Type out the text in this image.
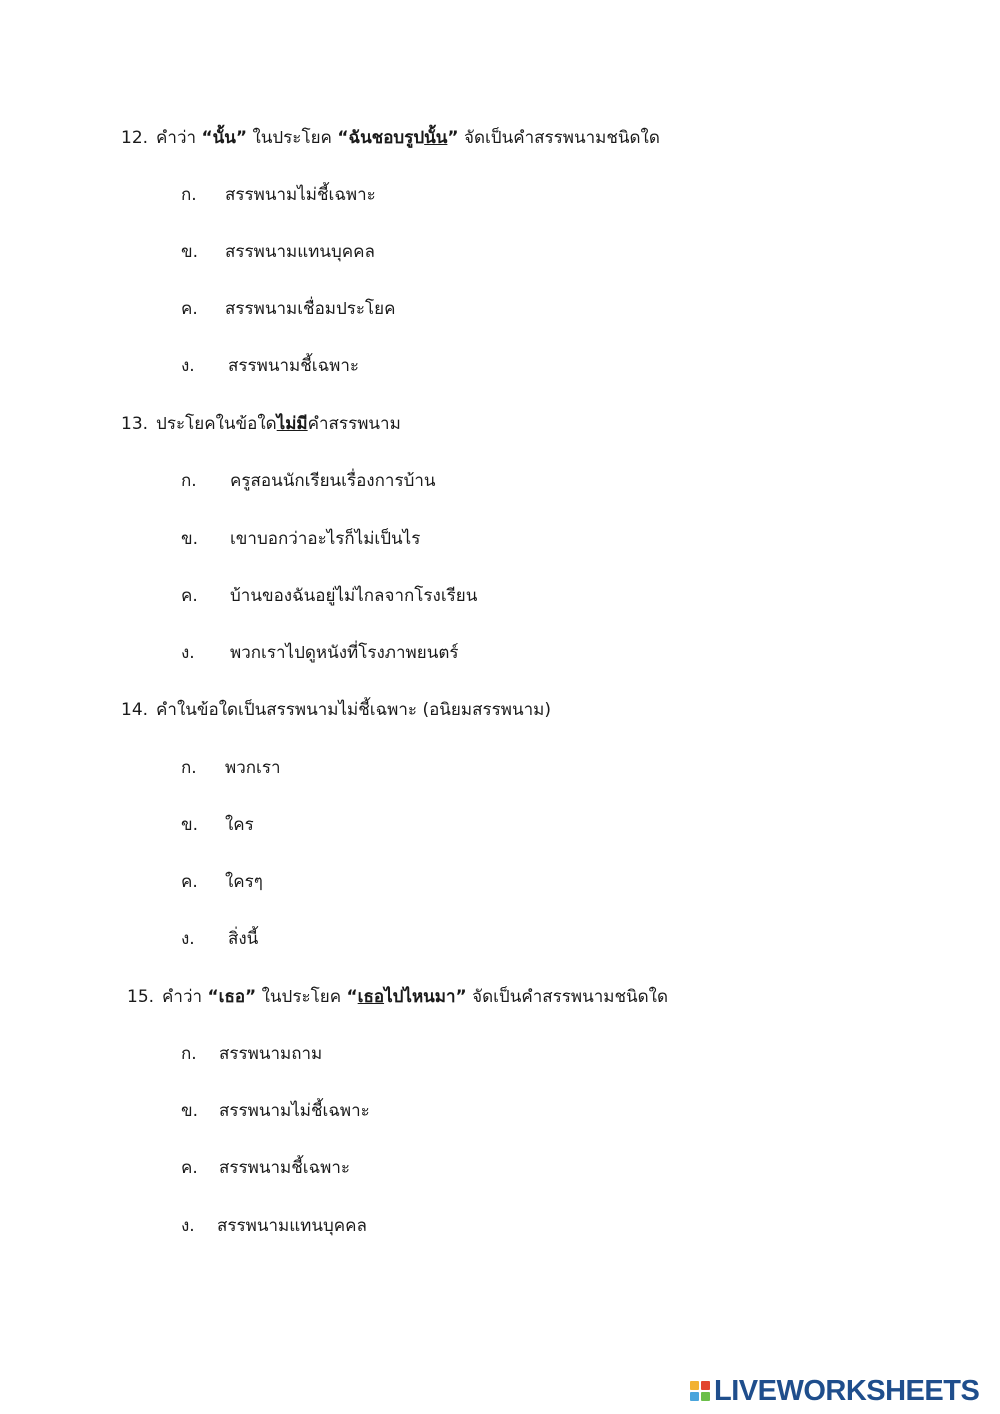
12. คำว่า “นั้น” ในประโยค “ฉันชอบรูปนั้น” จัดเป็นคำสรรพนามชนิดใด
ก. สรรพนามไม่ชี้เฉพาะ
ข. สรรพนามแทนบุคคล
ค. สรรพนามเชื่อมประโยค
ง. สรรพนามชี้เฉพาะ
13. ประโยคในข้อใดไม่มีคำสรรพนาม
ก. ครูสอนนักเรียนเรื่องการบ้าน
ข. เขาบอกว่าอะไรก็ไม่เป็นไร
ค. บ้านของฉันอยู่ไม่ไกลจากโรงเรียน
ง. พวกเราไปดูหนังที่โรงภาพยนตร์
14. คำในข้อใดเป็นสรรพนามไม่ชี้เฉพาะ (อนิยมสรรพนาม)
ก. พวกเรา
ข. ใคร
ค. ใครๆ
ง. สิ่งนี้
15. คำว่า “เธอ” ในประโยค “เธอไปไหนมา” จัดเป็นคำสรรพนามชนิดใด
ก. สรรพนามถาม
ข. สรรพนามไม่ชี้เฉพาะ
ค. สรรพนามชี้เฉพาะ
ง. สรรพนามแทนบุคคล
LIVEWORKSHEETS
